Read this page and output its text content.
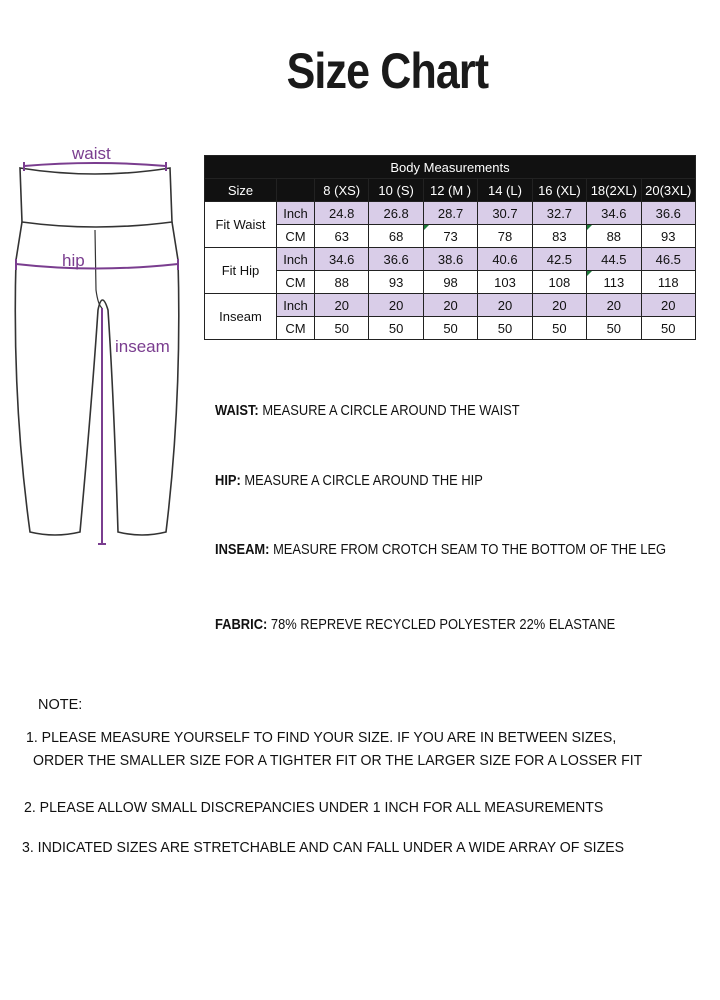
Size Chart
waist
hip
inseam
Body Measurements								
Size		8 (XS)	10 (S)	12 (M )	14 (L)	16 (XL)	18(2XL)	20(3XL)
Fit Waist	Inch	24.8	26.8	28.7	30.7	32.7	34.6	36.6
	CM	63	68	73	78	83	88	93
Fit Hip	Inch	34.6	36.6	38.6	40.6	42.5	44.5	46.5
	CM	88	93	98	103	108	113	118
Inseam	Inch	20	20	20	20	20	20	20
	CM	50	50	50	50	50	50	50
WAIST: MEASURE A CIRCLE AROUND THE WAIST
HIP: MEASURE A CIRCLE AROUND THE HIP
INSEAM: MEASURE FROM CROTCH SEAM TO THE BOTTOM OF THE LEG
FABRIC: 78% REPREVE RECYCLED POLYESTER 22% ELASTANE
NOTE:
1. PLEASE MEASURE YOURSELF TO FIND YOUR SIZE. IF YOU ARE IN BETWEEN SIZES,
ORDER THE SMALLER SIZE FOR A TIGHTER FIT OR THE LARGER SIZE FOR A LOSSER FIT
2. PLEASE ALLOW SMALL DISCREPANCIES UNDER 1 INCH FOR ALL MEASUREMENTS
3. INDICATED SIZES ARE STRETCHABLE AND CAN FALL UNDER A WIDE ARRAY OF SIZES
